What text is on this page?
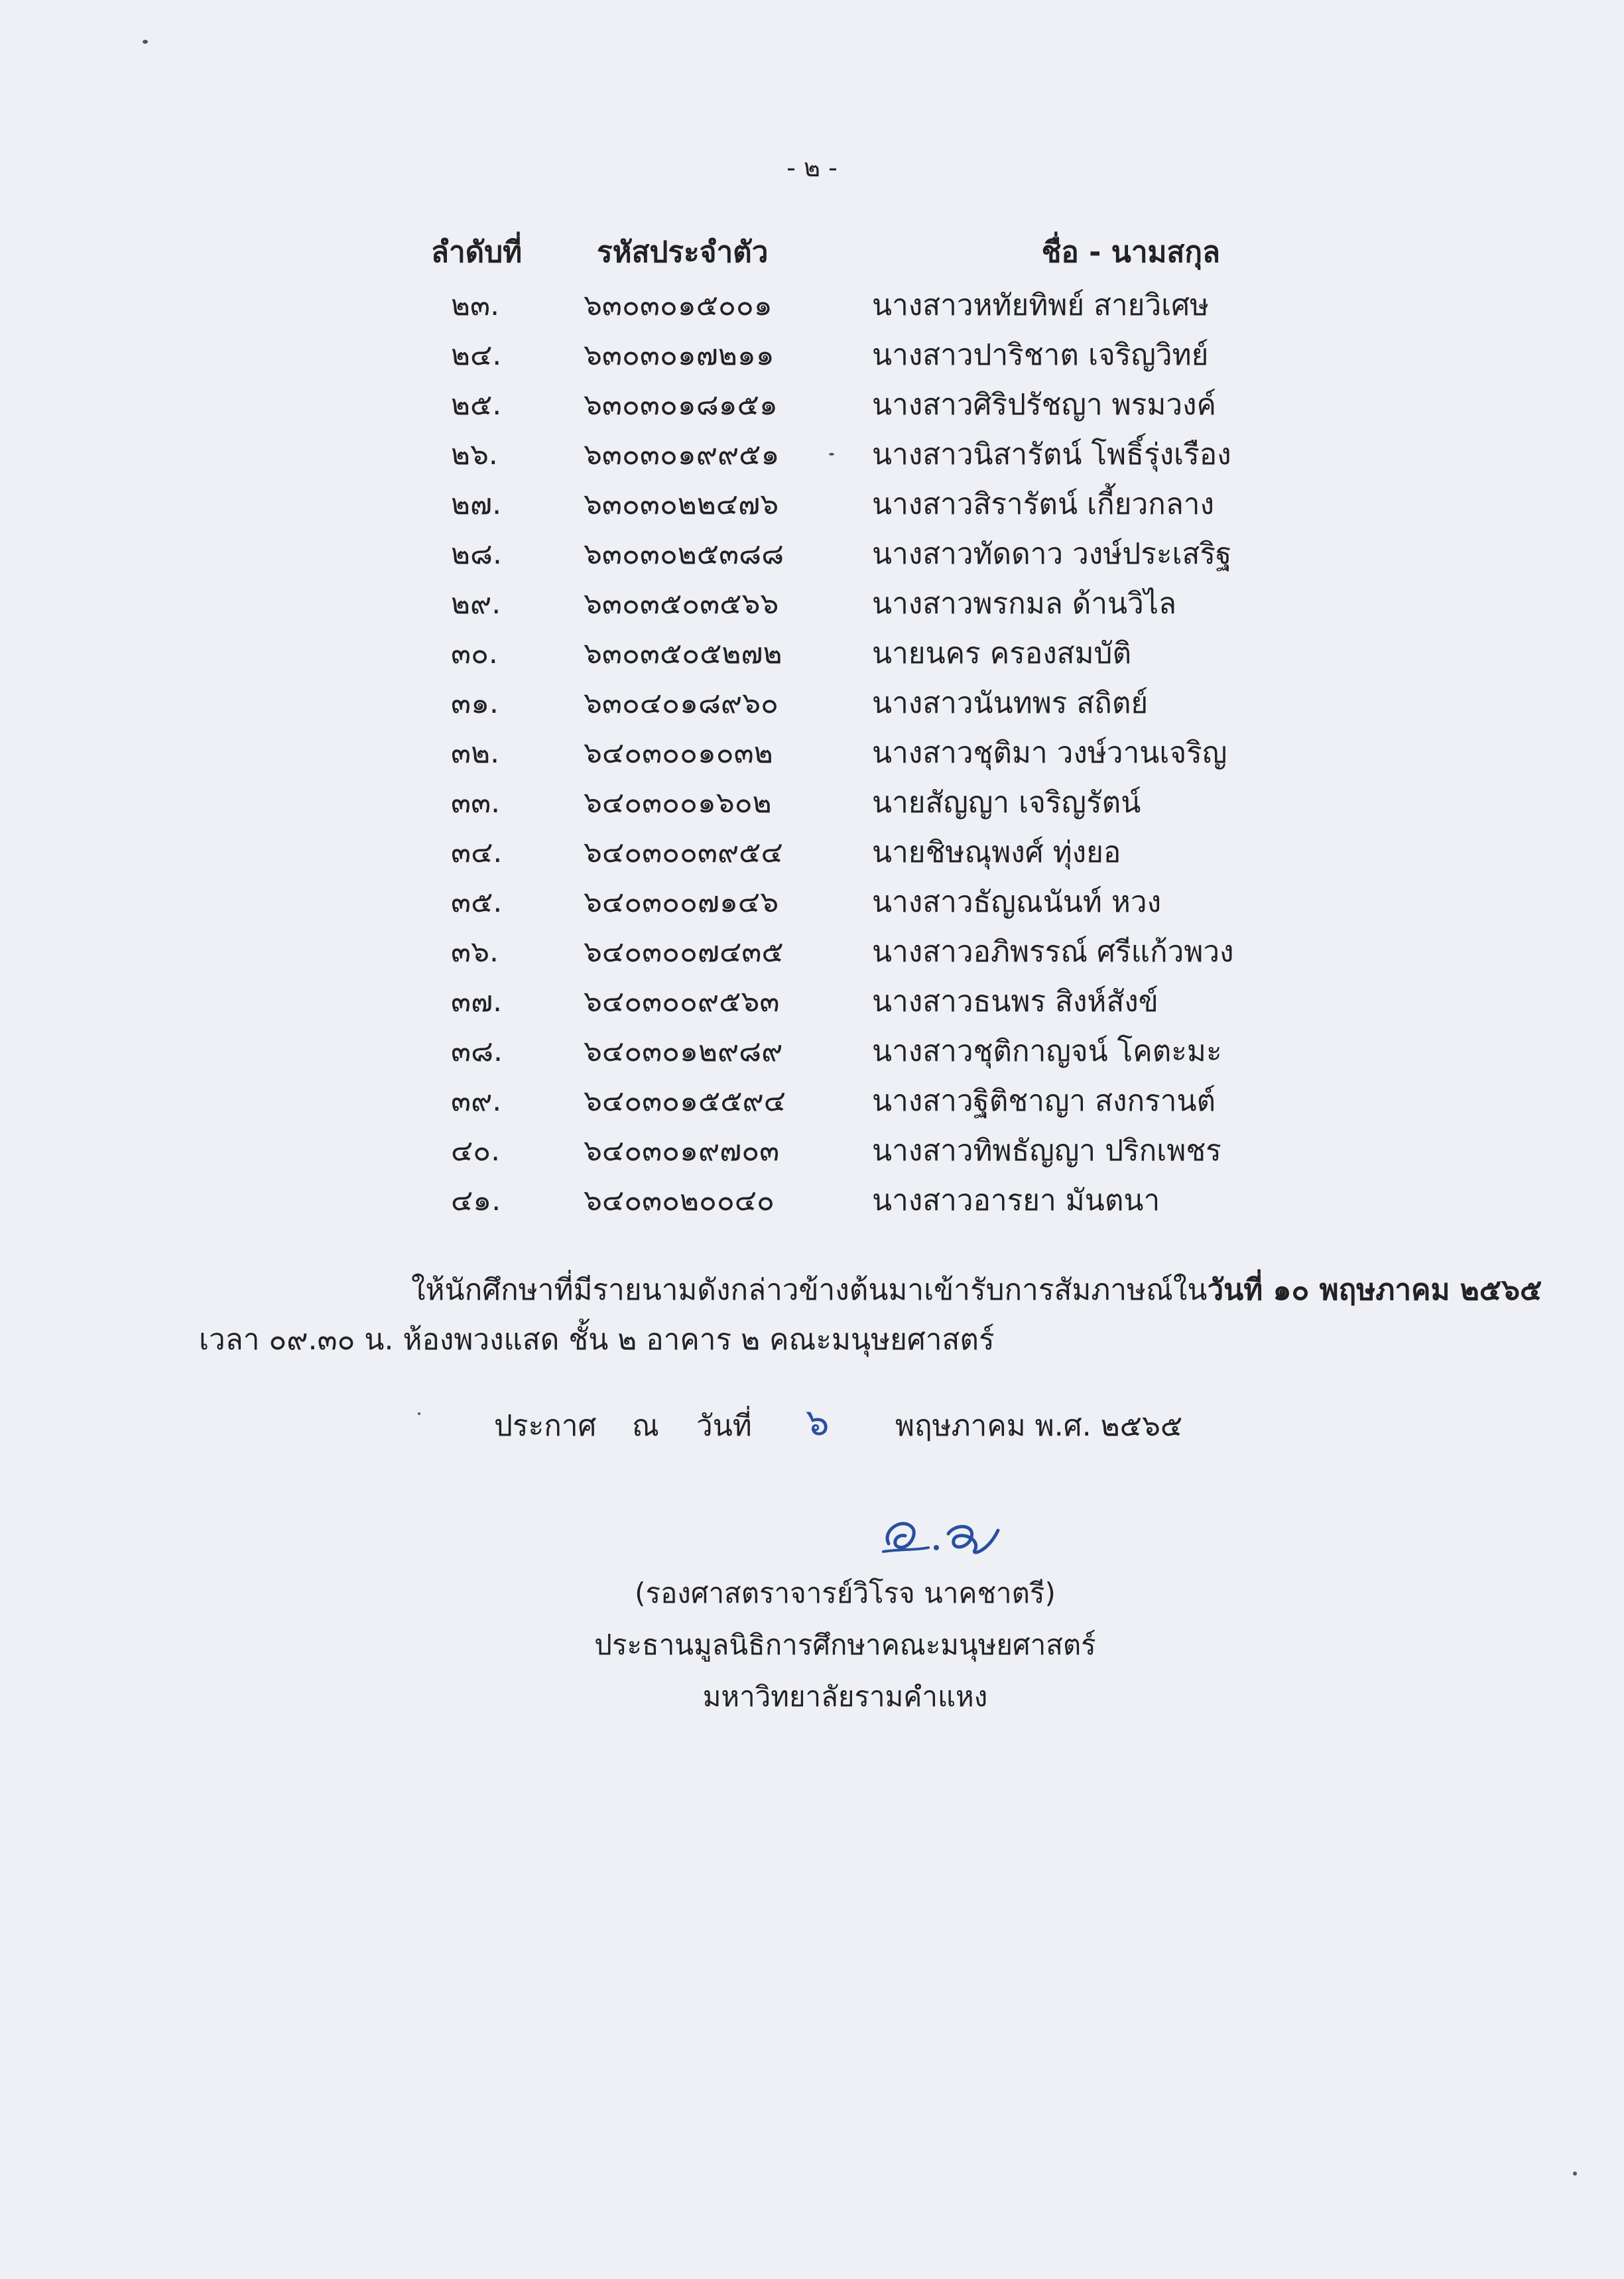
- ๒ -
ลำดับที่	รหัสประจำตัว	ชื่อ - นามสกุล
๒๓.	๖๓๐๓๐๑๕๐๐๑	นางสาวหทัยทิพย์ สายวิเศษ
๒๔.	๖๓๐๓๐๑๗๒๑๑	นางสาวปาริชาต เจริญวิทย์
๒๕.	๖๓๐๓๐๑๘๑๕๑	นางสาวศิริปรัชญา พรมวงค์
๒๖.	๖๓๐๓๐๑๙๙๕๑	นางสาวนิสารัตน์ โพธิ์รุ่งเรือง
๒๗.	๖๓๐๓๐๒๒๔๗๖	นางสาวสิรารัตน์ เกี้ยวกลาง
๒๘.	๖๓๐๓๐๒๕๓๘๘	นางสาวทัดดาว วงษ์ประเสริฐ
๒๙.	๖๓๐๓๕๐๓๕๖๖	นางสาวพรกมล ด้านวิไล
๓๐.	๖๓๐๓๕๐๕๒๗๒	นายนคร ครองสมบัติ
๓๑.	๖๓๐๔๐๑๘๙๖๐	นางสาวนันทพร สถิตย์
๓๒.	๖๔๐๓๐๐๑๐๓๒	นางสาวชุติมา วงษ์วานเจริญ
๓๓.	๖๔๐๓๐๐๑๖๐๒	นายสัญญา เจริญรัตน์
๓๔.	๖๔๐๓๐๐๓๙๕๔	นายชิษณุพงศ์ ทุ่งยอ
๓๕.	๖๔๐๓๐๐๗๑๔๖	นางสาวธัญณนันท์ หวง
๓๖.	๖๔๐๓๐๐๗๔๓๕	นางสาวอภิพรรณ์ ศรีแก้วพวง
๓๗.	๖๔๐๓๐๐๙๕๖๓	นางสาวธนพร สิงห์สังข์
๓๘.	๖๔๐๓๐๑๒๙๘๙	นางสาวชุติกาญจน์ โคตะมะ
๓๙.	๖๔๐๓๐๑๕๕๙๔	นางสาวฐิติชาญา สงกรานต์
๔๐.	๖๔๐๓๐๑๙๗๐๓	นางสาวทิพธัญญา ปริกเพชร
๔๑.	๖๔๐๓๐๒๐๐๔๐	นางสาวอารยา มันตนา
ให้นักศึกษาที่มีรายนามดังกล่าวข้างต้นมาเข้ารับการสัมภาษณ์ในวันที่ ๑๐ พฤษภาคม ๒๕๖๕
เวลา ๐๙.๓๐ น. ห้องพวงแสด ชั้น ๒ อาคาร ๒ คณะมนุษยศาสตร์
ประกาศ ณ วันที่ ๖ พฤษภาคม พ.ศ. ๒๕๖๕
(รองศาสตราจารย์วิโรจ นาคชาตรี)
ประธานมูลนิธิการศึกษาคณะมนุษยศาสตร์
มหาวิทยาลัยรามคำแหง
